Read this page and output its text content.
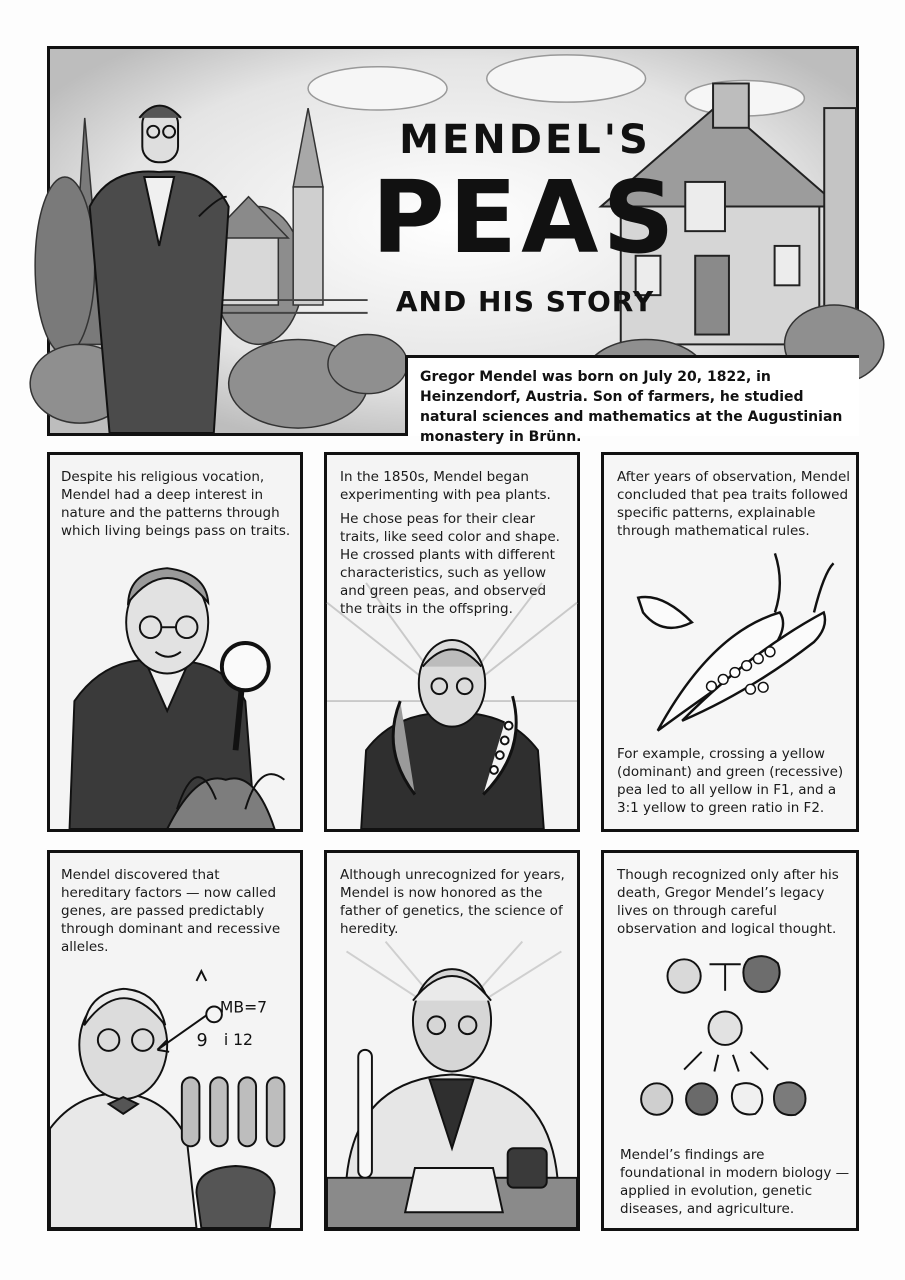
MENDEL'S
PEAS
AND HIS STORY
Gregor Mendel was born on July 20, 1822, in Heinzendorf, Austria. Son of farmers, he studied natural sciences and mathematics at the Augustinian monastery in Brünn.

Despite his religious vocation, Mendel had a deep interest in nature and the patterns through which living beings pass on traits.

In the 1850s, Mendel began experimenting with pea plants.

He chose peas for their clear traits, like seed color and shape. He crossed plants with different characteristics, such as yellow and green peas, and observed the traits in the offspring.

After years of observation, Mendel concluded that pea traits followed specific patterns, explainable through mathematical rules.

For example, crossing a yellow (dominant) and green (recessive) pea led to all yellow in F1, and a 3:1 yellow to green ratio in F2.

MB=7
9 i 12

Mendel discovered that hereditary factors — now called genes, are passed predictably through dominant and recessive alleles.

Although unrecognized for years, Mendel is now honored as the father of genetics, the science of heredity.

Though recognized only after his death, Gregor Mendel’s legacy lives on through careful observation and logical thought.

Mendel’s findings are foundational in modern biology — applied in evolution, genetic diseases, and agriculture.
